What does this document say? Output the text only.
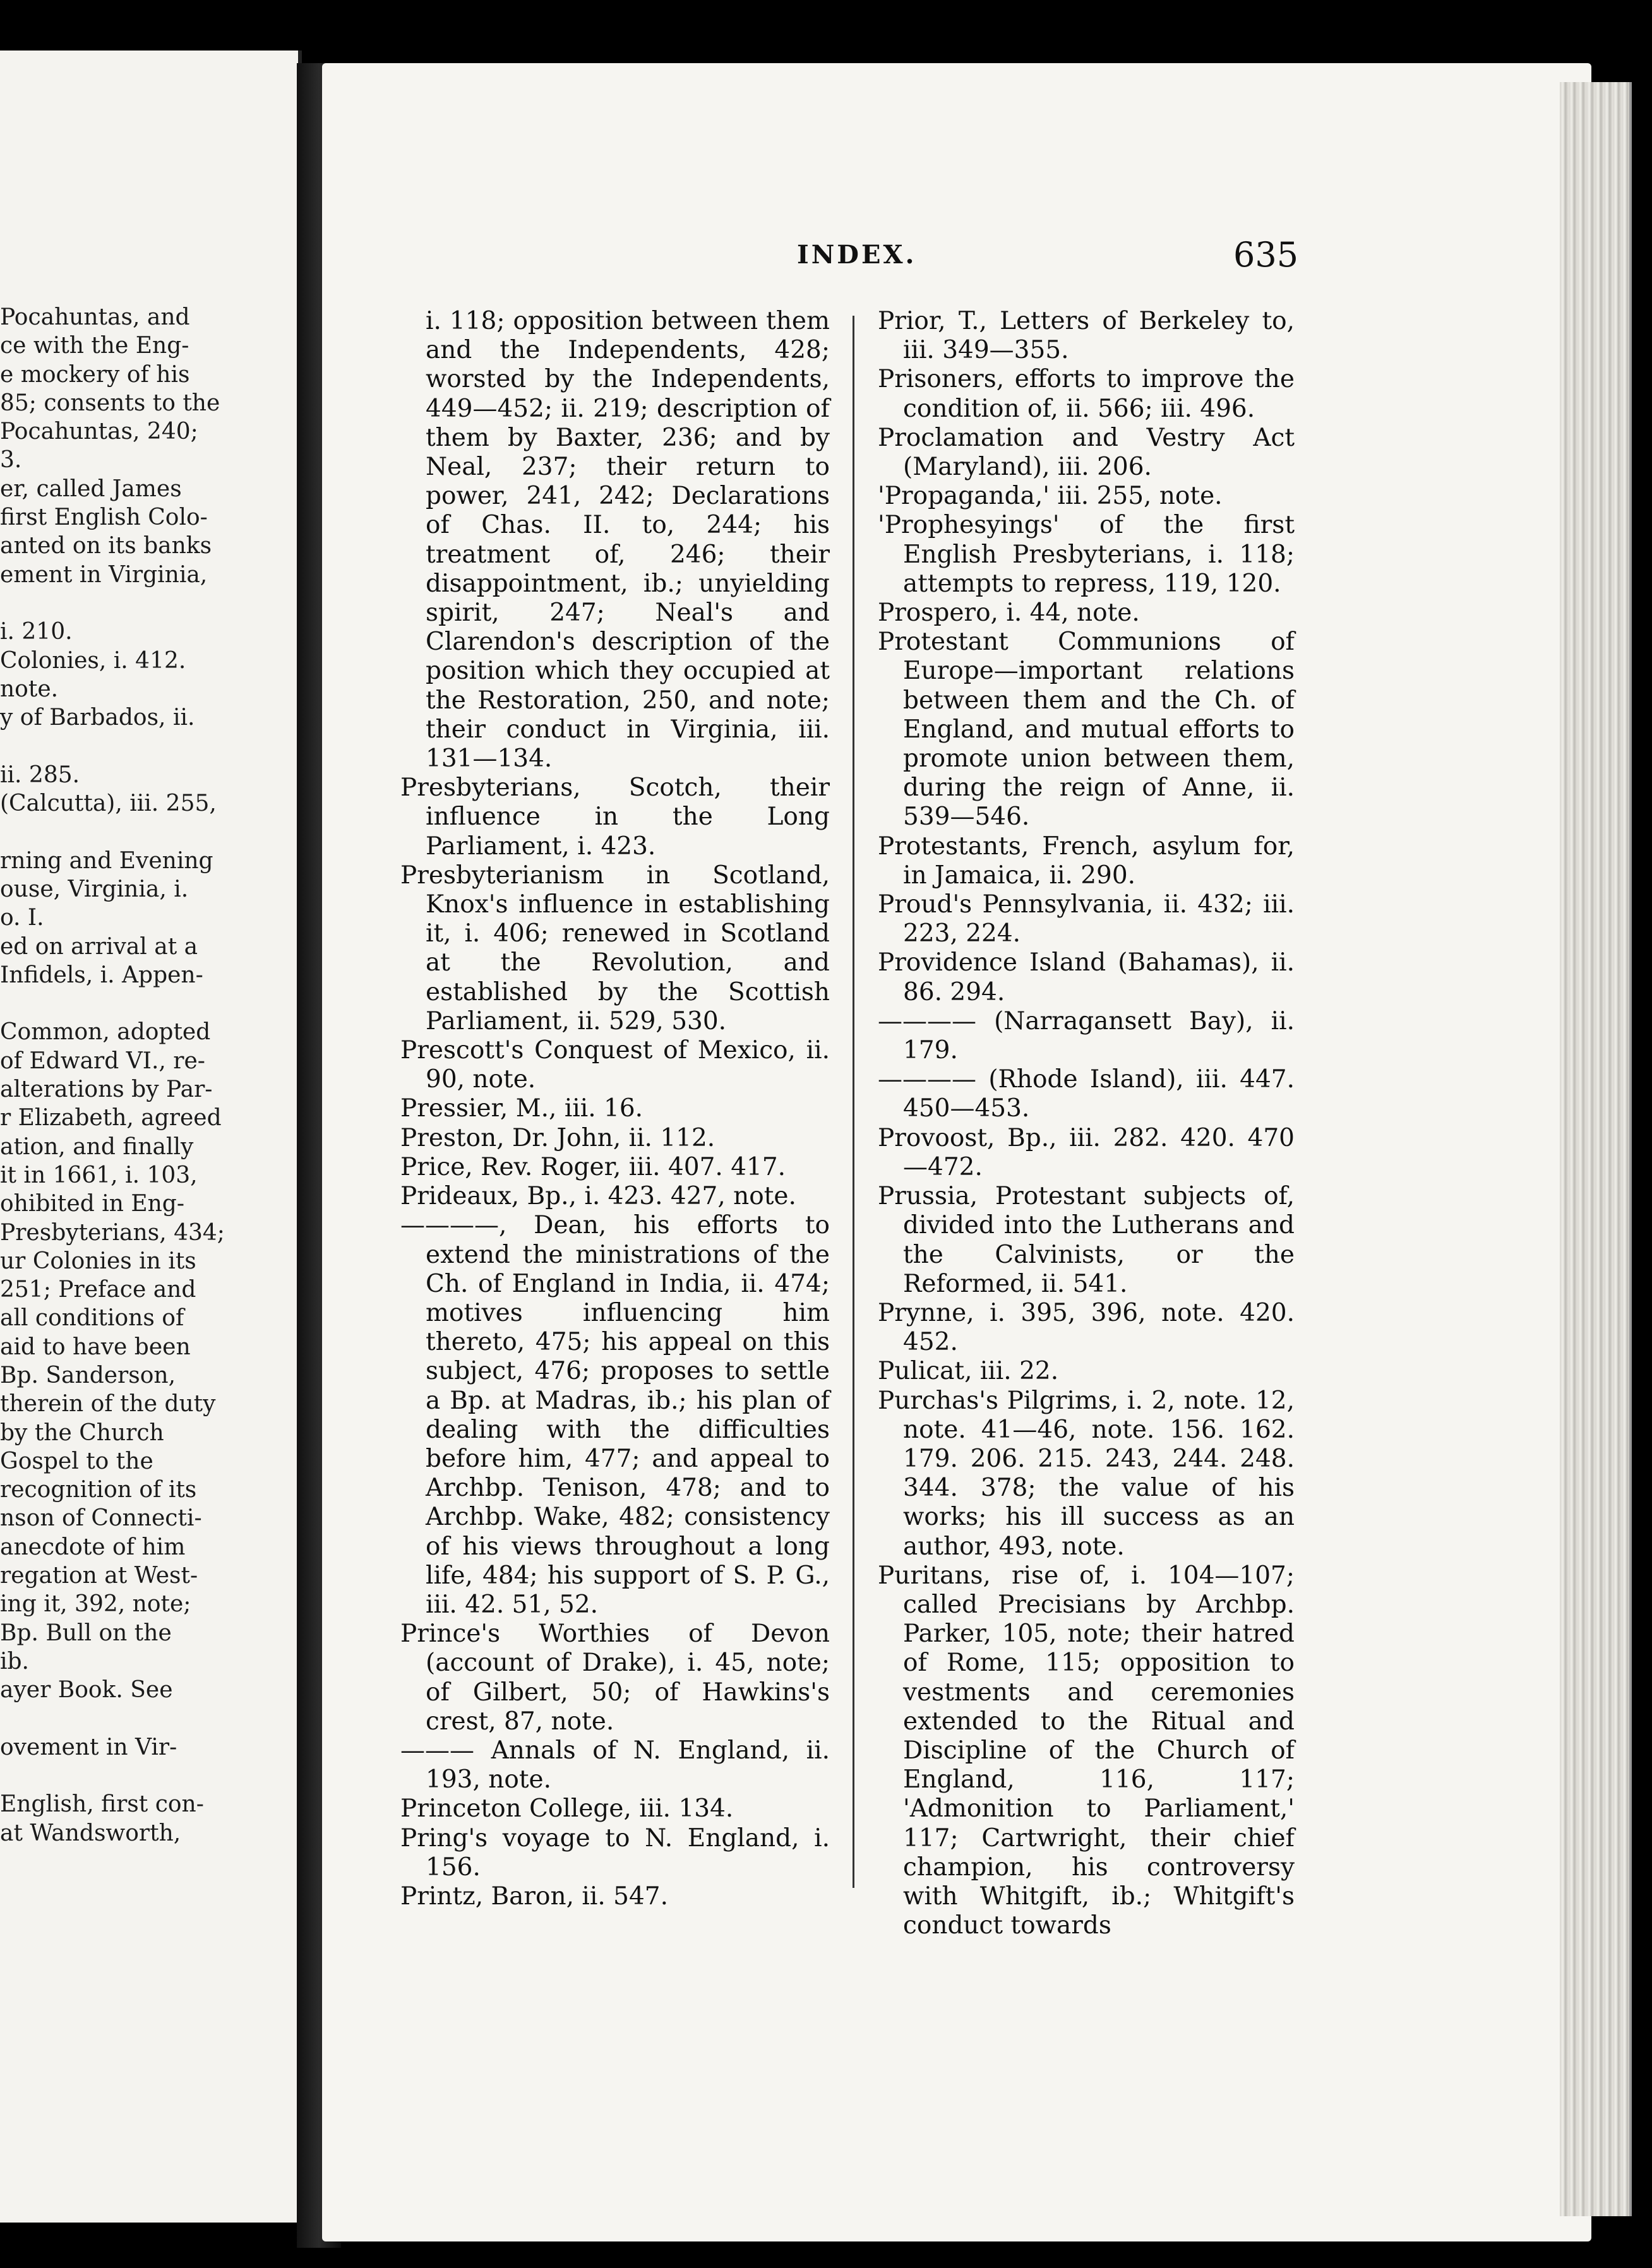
Pocahuntas, and
ce with the Eng-
e mockery of his
85; consents to the
Pocahuntas, 240;
3.
er, called James
first English Colo-
anted on its banks
ement in Virginia,

i. 210.
Colonies, i. 412.
note.
y of Barbados, ii.

ii. 285.
(Calcutta), iii. 255,

rning and Evening
ouse, Virginia, i.
o. I.
ed on arrival at a
Infidels, i. Appen-

Common, adopted
of Edward VI., re-
alterations by Par-
r Elizabeth, agreed
ation, and finally
it in 1661, i. 103,
ohibited in Eng-
Presbyterians, 434;
ur Colonies in its
251; Preface and
all conditions of
aid to have been
Bp. Sanderson,
therein of the duty
by the Church
Gospel to the
recognition of its
nson of Connecti-
anecdote of him
regation at West-
ing it, 392, note;
Bp. Bull on the
ib.
ayer Book. See

ovement in Vir-

English, first con-
at Wandsworth,
INDEX.	635

i. 118; opposition between them and the Independents, 428; worsted by the Independents, 449—452; ii. 219; description of them by Baxter, 236; and by Neal, 237; their return to power, 241, 242; Declarations of Chas. II. to, 244; his treatment of, 246; their disappointment, ib.; unyielding spirit, 247; Neal's and Clarendon's description of the position which they occupied at the Restoration, 250, and note; their conduct in Virginia, iii. 131—134.

Presbyterians, Scotch, their influence in the Long Parliament, i. 423.

Presbyterianism in Scotland, Knox's influence in establishing it, i. 406; renewed in Scotland at the Revolution, and established by the Scottish Parliament, ii. 529, 530.

Prescott's Conquest of Mexico, ii. 90, note.

Pressier, M., iii. 16.

Preston, Dr. John, ii. 112.

Price, Rev. Roger, iii. 407. 417.

Prideaux, Bp., i. 423. 427, note.

————, Dean, his efforts to extend the ministrations of the Ch. of England in India, ii. 474; motives influencing him thereto, 475; his appeal on this subject, 476; proposes to settle a Bp. at Madras, ib.; his plan of dealing with the difficulties before him, 477; and appeal to Archbp. Tenison, 478; and to Archbp. Wake, 482; consistency of his views throughout a long life, 484; his support of S. P. G., iii. 42. 51, 52.

Prince's Worthies of Devon (account of Drake), i. 45, note; of Gilbert, 50; of Hawkins's crest, 87, note.

——— Annals of N. England, ii. 193, note.

Princeton College, iii. 134.

Pring's voyage to N. England, i. 156.

Printz, Baron, ii. 547.

Prior, T., Letters of Berkeley to, iii. 349—355.

Prisoners, efforts to improve the condition of, ii. 566; iii. 496.

Proclamation and Vestry Act (Maryland), iii. 206.

'Propaganda,' iii. 255, note.

'Prophesyings' of the first English Presbyterians, i. 118; attempts to repress, 119, 120.

Prospero, i. 44, note.

Protestant Communions of Europe—important relations between them and the Ch. of England, and mutual efforts to promote union between them, during the reign of Anne, ii. 539—546.

Protestants, French, asylum for, in Jamaica, ii. 290.

Proud's Pennsylvania, ii. 432; iii. 223, 224.

Providence Island (Bahamas), ii. 86. 294.

———— (Narragansett Bay), ii. 179.

———— (Rhode Island), iii. 447. 450—453.

Provoost, Bp., iii. 282. 420. 470—472.

Prussia, Protestant subjects of, divided into the Lutherans and the Calvinists, or the Reformed, ii. 541.

Prynne, i. 395, 396, note. 420. 452.

Pulicat, iii. 22.

Purchas's Pilgrims, i. 2, note. 12, note. 41—46, note. 156. 162. 179. 206. 215. 243, 244. 248. 344. 378; the value of his works; his ill success as an author, 493, note.

Puritans, rise of, i. 104—107; called Precisians by Archbp. Parker, 105, note; their hatred of Rome, 115; opposition to vestments and ceremonies extended to the Ritual and Discipline of the Church of England, 116, 117; 'Admonition to Parliament,' 117; Cartwright, their chief champion, his controversy with Whitgift, ib.; Whitgift's conduct towards
